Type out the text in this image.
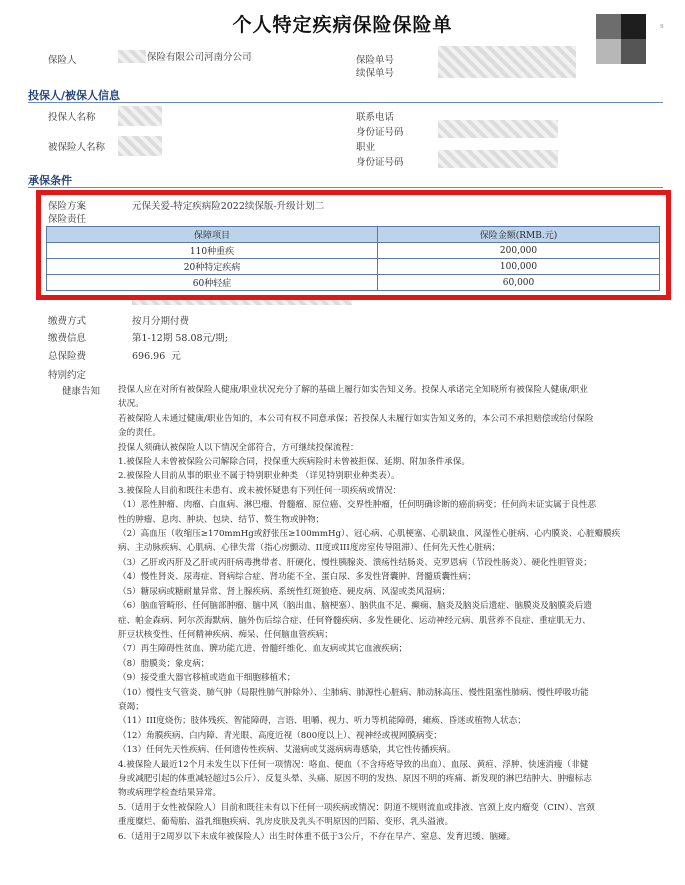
个人特定疾病保险保险单	s
保险人	保险有限公司河南分公司	保险单号
续保单号
投保人/被保人信息
投保人名称
被保险人名称
联系电话
身份证号码
职业
身份证号码
承保条件
保险方案	元保关爱-特定疾病险2022续保版-升级计划二
保险责任
保障项目	保险金额(RMB.元)
110种重疾	200,000
20种特定疾病	100,000
60种轻症	60,000
缴费方式	按月分期付费
缴费信息	第1-12期 58.08元/期;
总保险费	696.96  元
特别约定
健康告知 投保人应在对所有被保险人健康/职业状况充分了解的基础上履行如实告知义务。投保人承诺完全知晓所有被保险人健康/职业

状况。

若被保险人未通过健康/职业告知的，本公司有权不同意承保；若投保人未履行如实告知义务的，本公司不承担赔偿或给付保险

金的责任。

投保人须确认被保险人以下情况全部符合，方可继续投保流程：

1.被保险人未曾被保险公司解除合同，投保重大疾病险时未曾被拒保、延期、附加条件承保。

2.被保险人目前从事的职业不属于特别职业种类 （详见特别职业种类表）。

3.被保险人目前和既往未患有、或未被怀疑患有下列任何一项疾病或情况：

（1）恶性肿瘤、肉瘤、白血病、淋巴瘤、骨髓瘤、原位癌、交界性肿瘤，任何明确诊断的癌前病变；任何尚未证实属于良性恶

性的肿瘤、息肉、肿块、包块、结节、赘生物或肿物；

（2）高血压（收缩压≥170mmHg或舒张压≥100mmHg）、冠心病、心肌梗塞、心肌缺血、风湿性心脏病、心内膜炎、心脏瓣膜疾

病、主动脉疾病、心肌病、心律失常（指心房颤动、II度或III度房室传导阻滞）、任何先天性心脏病；

（3）乙肝或丙肝及乙肝或丙肝病毒携带者、肝硬化、慢性胰腺炎、溃疡性结肠炎、克罗恩病（节段性肠炎）、硬化性胆管炎；

（4）慢性肾炎、尿毒症、肾病综合症、肾功能不全、蛋白尿、多发性肾囊肿、肾髓质囊性病；

（5）糖尿病或糖耐量异常、肾上腺疾病、系统性红斑狼疮、硬皮病、风湿或类风湿病；

（6）脑血管畸形、任何脑部肿瘤、脑中风（脑出血、脑梗塞）、脑供血不足、癫痫、脑炎及脑炎后遗症、脑膜炎及脑膜炎后遗

症、帕金森病、阿尔茨海默病、脑外伤后综合症、任何脊髓疾病、多发性硬化、运动神经元病、肌营养不良症、重症肌无力、

肝豆状核变性、任何精神疾病、痴呆、任何脑血管疾病；

（7）再生障碍性贫血、脾功能亢进、骨髓纤维化、血友病或其它血液疾病；

（8）脂膜炎；象皮病；

（9）接受重大器官移植或造血干细胞移植术；

（10）慢性支气管炎、肺气肿（局限性肺气肿除外）、尘肺病、肺源性心脏病、肺动脉高压、慢性阻塞性肺病、慢性呼吸功能

衰竭；

（11）III度烧伤；肢体残疾、智能障碍，言语、咀嚼、视力、听力等机能障碍，瘫痪、昏迷或植物人状态；

（12）角膜疾病、白内障、青光眼、高度近视（800度以上）、视神经或视网膜病变；

（13）任何先天性疾病、任何遗传性疾病、艾滋病或艾滋病病毒感染，其它性传播疾病。

4.被保险人最近12个月未发生以下任何一项情况：咯血、便血（不含痔疮导致的出血）、血尿、黄疸、浮肿、快速消瘦（非健

身或减肥引起的体重减轻超过5公斤）、反复头晕、头痛、原因不明的发热、原因不明的疼痛、新发现的淋巴结肿大、肿瘤标志

物或病理学检查结果异常。

5.（适用于女性被保险人）目前和既往未有以下任何一项疾病或情况：阴道不规则流血或排液、宫颈上皮内瘤变（CIN）、宫颈

重度糜烂、葡萄胎、溢乳细胞疾病、乳房皮肤及乳头不明原因的凹陷、变形、乳头溢液。

6.（适用于2周岁以下未成年被保险人）出生时体重不低于3公斤，不存在早产、窒息、发育迟缓、脑瘫。
